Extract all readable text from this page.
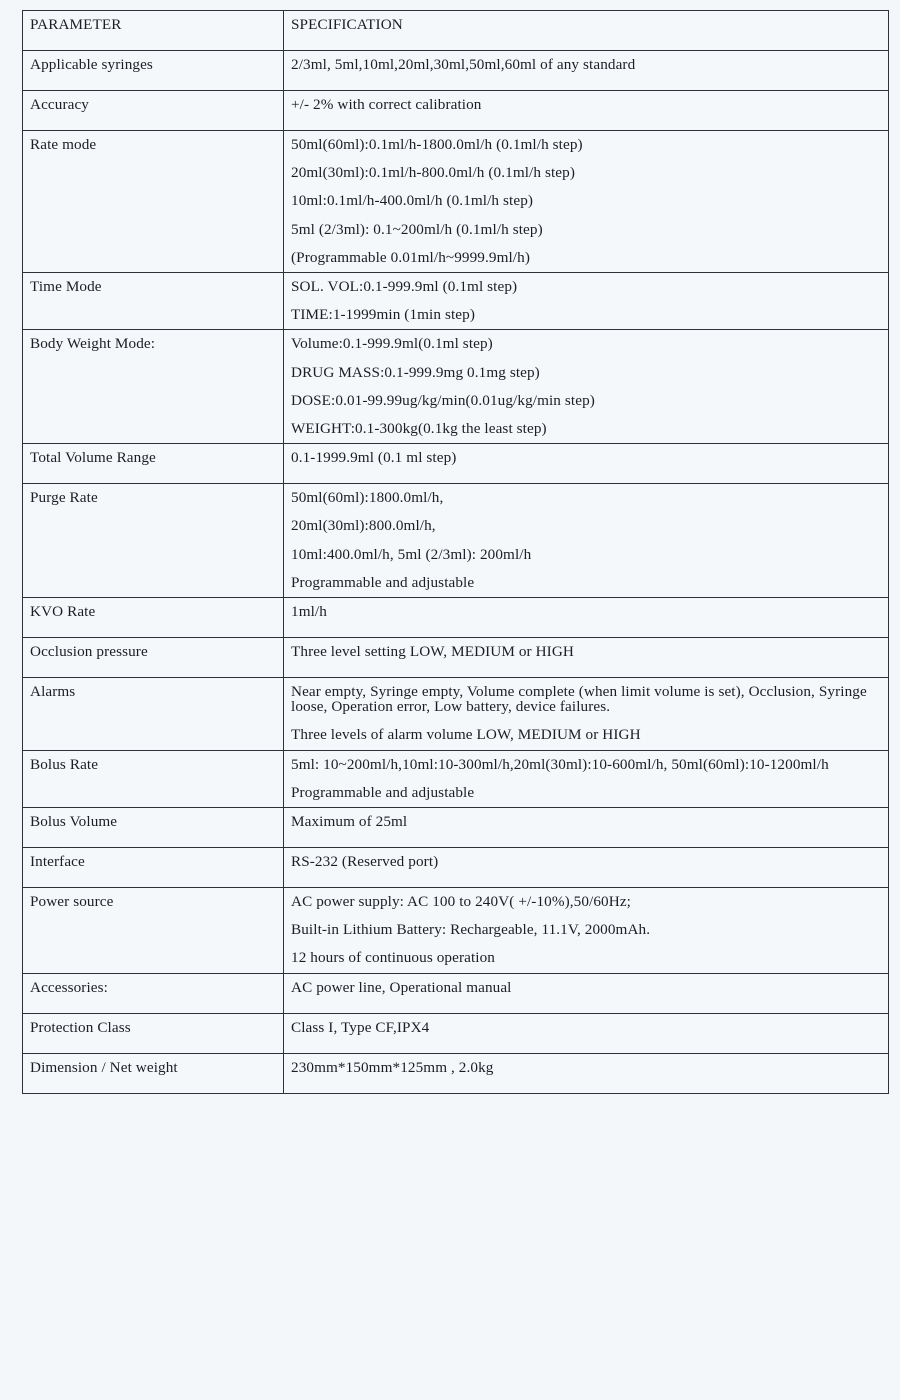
PARAMETER	SPECIFICATION
Applicable syringes	2/3ml, 5ml,10ml,20ml,30ml,50ml,60ml of any standard

Accuracy	+/- 2% with correct calibration

Rate mode	50ml(60ml):0.1ml/h-1800.0ml/h (0.1ml/h step)
20ml(30ml):0.1ml/h-800.0ml/h (0.1ml/h step)
10ml:0.1ml/h-400.0ml/h (0.1ml/h step)
5ml (2/3ml): 0.1~200ml/h (0.1ml/h step)
(Programmable 0.01ml/h~9999.9ml/h)

Time Mode	SOL. VOL:0.1-999.9ml (0.1ml step)
TIME:1-1999min (1min step)

Body Weight Mode:	Volume:0.1-999.9ml(0.1ml step)
DRUG MASS:0.1-999.9mg 0.1mg step)
DOSE:0.01-99.99ug/kg/min(0.01ug/kg/min step)
WEIGHT:0.1-300kg(0.1kg the least step)

Total Volume Range	0.1-1999.9ml (0.1 ml step)

Purge Rate	50ml(60ml):1800.0ml/h,
20ml(30ml):800.0ml/h,
10ml:400.0ml/h, 5ml (2/3ml): 200ml/h
Programmable and adjustable

KVO Rate	1ml/h

Occlusion pressure	Three level setting LOW, MEDIUM or HIGH

Alarms	Near empty, Syringe empty, Volume complete (when limit volume is set), Occlusion, Syringe loose, Operation error, Low battery, device failures.
Three levels of alarm volume LOW, MEDIUM or HIGH

Bolus Rate	5ml: 10~200ml/h,10ml:10-300ml/h,20ml(30ml):10-600ml/h, 50ml(60ml):10-1200ml/h
Programmable and adjustable

Bolus Volume	Maximum of 25ml

Interface	RS-232 (Reserved port)

Power source	AC power supply: AC 100 to 240V( +/-10%),50/60Hz;
Built-in Lithium Battery: Rechargeable, 11.1V, 2000mAh.
12 hours of continuous operation

Accessories:	AC power line, Operational manual

Protection Class	Class I, Type CF,IPX4

Dimension / Net weight	230mm*150mm*125mm , 2.0kg
